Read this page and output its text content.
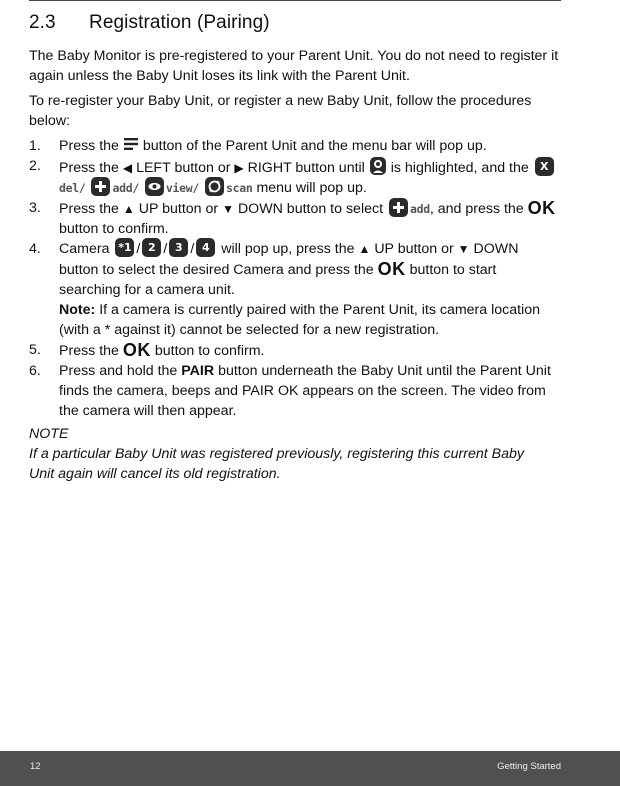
2.3 Registration (Pairing)

The Baby Monitor is pre-registered to your Parent Unit. You do not need to register it again unless the Baby Unit loses its link with the Parent Unit.

To re-register your Baby Unit, or register a new Baby Unit, follow the procedures below:

1. Press the button of the Parent Unit and the menu bar will pop up.
2. Press the ◀ LEFT button or ▶ RIGHT button until is highlighted, and the Xdel/ add/ view/ scan menu will pop up.
3. Press the ▲ UP button or ▼ DOWN button to select add, and press the OK button to confirm.
4. Camera *1 / 2 / 3 / 4 will pop up, press the ▲ UP button or ▼ DOWN button to select the desired Camera and press the OK button to start searching for a camera unit.
Note: If a camera is currently paired with the Parent Unit, its camera location (with a * against it) cannot be selected for a new registration.
5. Press the OK button to confirm.
6. Press and hold the PAIR button underneath the Baby Unit until the Parent Unit finds the camera, beeps and PAIR OK appears on the screen. The video from the camera will then appear.
NOTE
If a particular Baby Unit was registered previously, registering this current Baby Unit again will cancel its old registration.
12	Getting Started
